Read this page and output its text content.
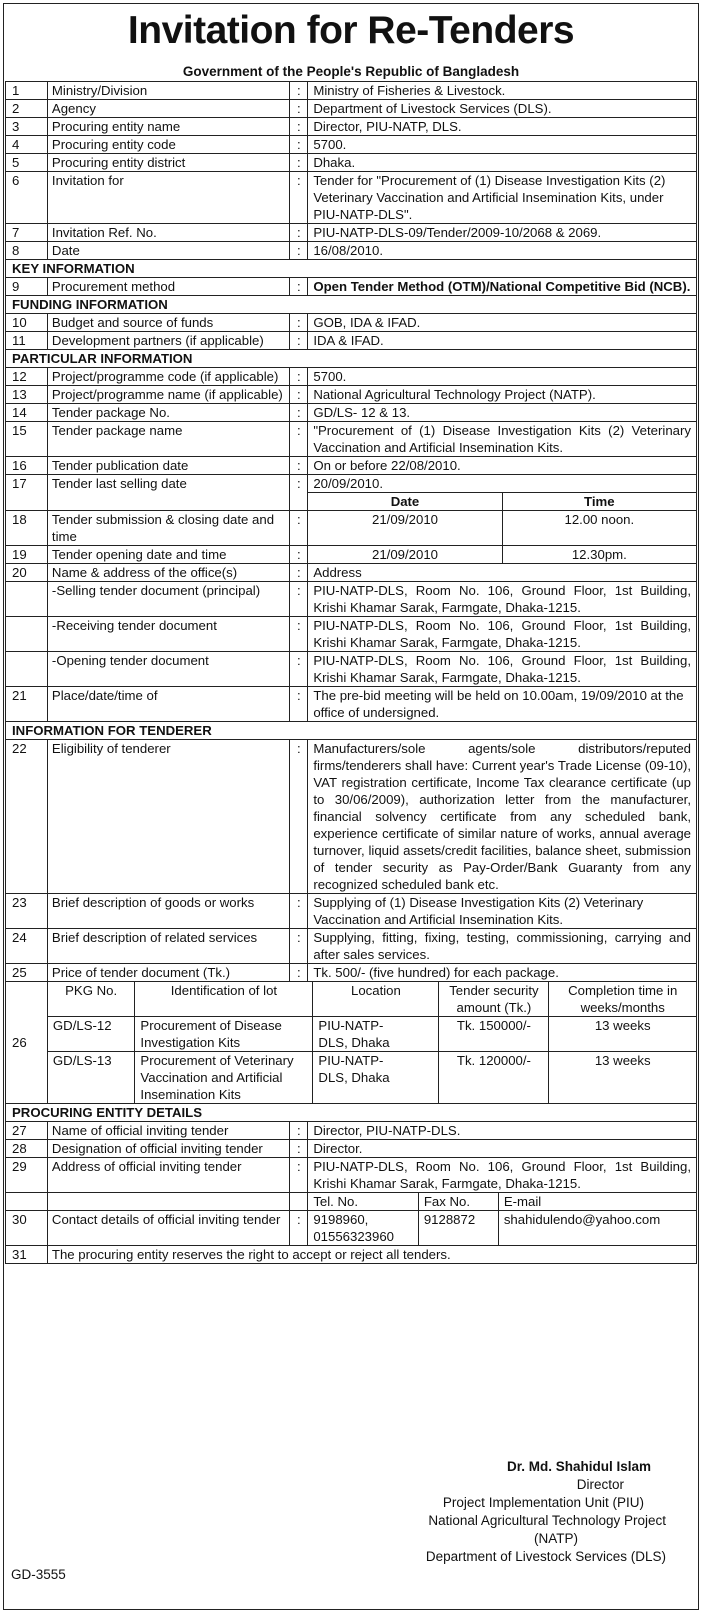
Invitation for Re-Tenders
Government of the People's Republic of Bangladesh
1	Ministry/Division	:	Ministry of Fisheries & Livestock.
2	Agency	:	Department of Livestock Services (DLS).
3	Procuring entity name	:	Director, PIU-NATP, DLS.
4	Procuring entity code	:	5700.
5	Procuring entity district	:	Dhaka.
6	Invitation for	:	Tender for "Procurement of (1) Disease Investigation Kits (2) Veterinary Vaccination and Artificial Insemination Kits, under PIU-NATP-DLS".
7	Invitation Ref. No.	:	PIU-NATP-DLS-09/Tender/2009-10/2068 & 2069.
8	Date	:	16/08/2010.
KEY INFORMATION
9	Procurement method	:	Open Tender Method (OTM)/National Competitive Bid (NCB).
FUNDING INFORMATION
10	Budget and source of funds	:	GOB, IDA & IFAD.
11	Development partners (if applicable)	:	IDA & IFAD.
PARTICULAR INFORMATION
12	Project/programme code (if applicable)	:	5700.
13	Project/programme name (if applicable)	:	National Agricultural Technology Project (NATP).
14	Tender package No.	:	GD/LS- 12 & 13.
15	Tender package name	:	"Procurement of (1) Disease Investigation Kits (2) Veterinary Vaccination and Artificial Insemination Kits.
16	Tender publication date	:	On or before 22/08/2010.
17	Tender last selling date	:	20/09/2010.
Date	Time

18	Tender submission & closing date and time	:		21/09/2010	12.00 noon.

19	Tender opening date and time	:		21/09/2010	12.30pm.

20	Name & address of the office(s)	:	Address
	-Selling tender document (principal)	:	PIU-NATP-DLS, Room No. 106, Ground Floor, 1st Building, Krishi Khamar Sarak, Farmgate, Dhaka-1215.
	-Receiving tender document	:	PIU-NATP-DLS, Room No. 106, Ground Floor, 1st Building, Krishi Khamar Sarak, Farmgate, Dhaka-1215.
	-Opening tender document	:	PIU-NATP-DLS, Room No. 106, Ground Floor, 1st Building, Krishi Khamar Sarak, Farmgate, Dhaka-1215.
21	Place/date/time of	:	The pre-bid meeting will be held on 10.00am, 19/09/2010 at the office of undersigned.
INFORMATION FOR TENDERER
22	Eligibility of tenderer	:	Manufacturers/sole agents/sole distributors/reputed firms/tenderers shall have: Current year's Trade License (09-10), VAT registration certificate, Income Tax clearance certificate (up to 30/06/2009), authorization letter from the manufacturer, financial solvency certificate from any scheduled bank, experience certificate of similar nature of works, annual average turnover, liquid assets/credit facilities, balance sheet, submission of tender security as Pay-Order/Bank Guaranty from any recognized scheduled bank etc.
23	Brief description of goods or works	:	Supplying of (1) Disease Investigation Kits (2) Veterinary Vaccination and Artificial Insemination Kits.
24	Brief description of related services	:	Supplying, fitting, fixing, testing, commissioning, carrying and after sales services.
25	Price of tender document (Tk.)	:	Tk. 500/- (five hundred) for each package.
26	
PKG No.	Identification of lot	Location	Tender security amount (Tk.)	Completion time in weeks/months
GD/LS-12	Procurement of Disease Investigation Kits	PIU-NATP-DLS, Dhaka	Tk. 150000/-	13 weeks
GD/LS-13	Procurement of Veterinary Vaccination and Artificial Insemination Kits	PIU-NATP-DLS, Dhaka	Tk. 120000/-	13 weeks

PROCURING ENTITY DETAILS
27	Name of official inviting tender	:	Director, PIU-NATP-DLS.
28	Designation of official inviting tender	:	Director.
29	Address of official inviting tender	:	PIU-NATP-DLS, Room No. 106, Ground Floor, 1st Building, Krishi Khamar Sarak, Farmgate, Dhaka-1215.

Tel. No.	Fax No.	E-mail

30	Contact details of official inviting tender	:	9198960, 01556323960	9128872	shahidulendo@yahoo.com

31	The procuring entity reserves the right to accept or reject all tenders.
Dr. Md. Shahidul Islam
Director
Project Implementation Unit (PIU)
National Agricultural Technology Project
(NATP)
Department of Livestock Services (DLS)
GD-3555
